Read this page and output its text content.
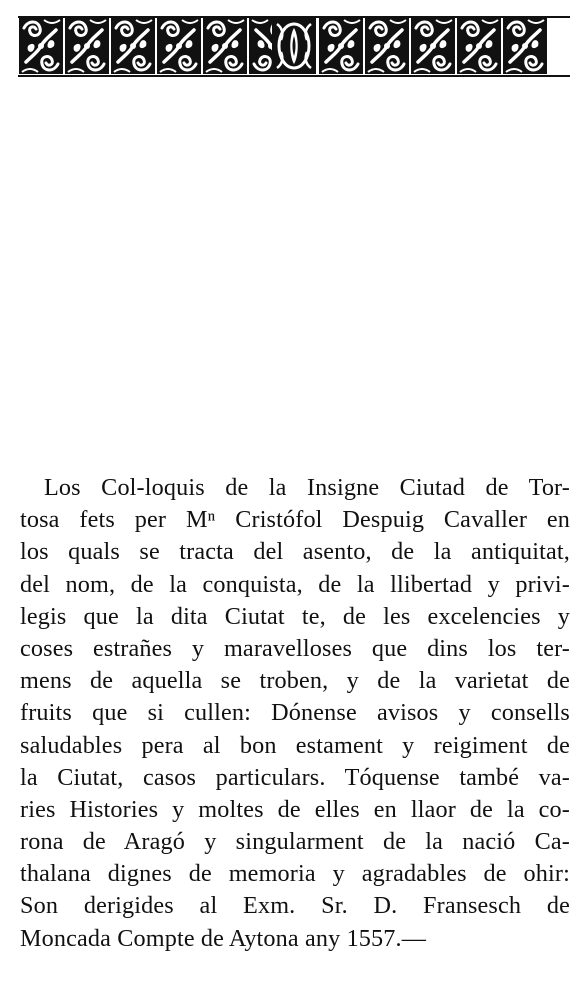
Los Col-loquis de la Insigne Ciutad de Tor-
tosa fets per Mⁿ Cristófol Despuig Cavaller en
los quals se tracta del asento, de la antiquitat,
del nom, de la conquista, de la llibertad y privi-
legis que la dita Ciutat te, de les excelencies y
coses estrañes y maravelloses que dins los ter-
mens de aquella se troben, y de la varietat de
fruits que si cullen: Dónense avisos y consells
saludables pera al bon estament y reigiment de
la Ciutat, casos particulars. Tóquense també va-
ries Histories y moltes de elles en llaor de la co-
rona de Aragó y singularment de la nació Ca-
thalana dignes de memoria y agradables de ohir:
Son derigides al Exm. Sr. D. Fransesch de
Moncada Compte de Aytona any 1557.—
